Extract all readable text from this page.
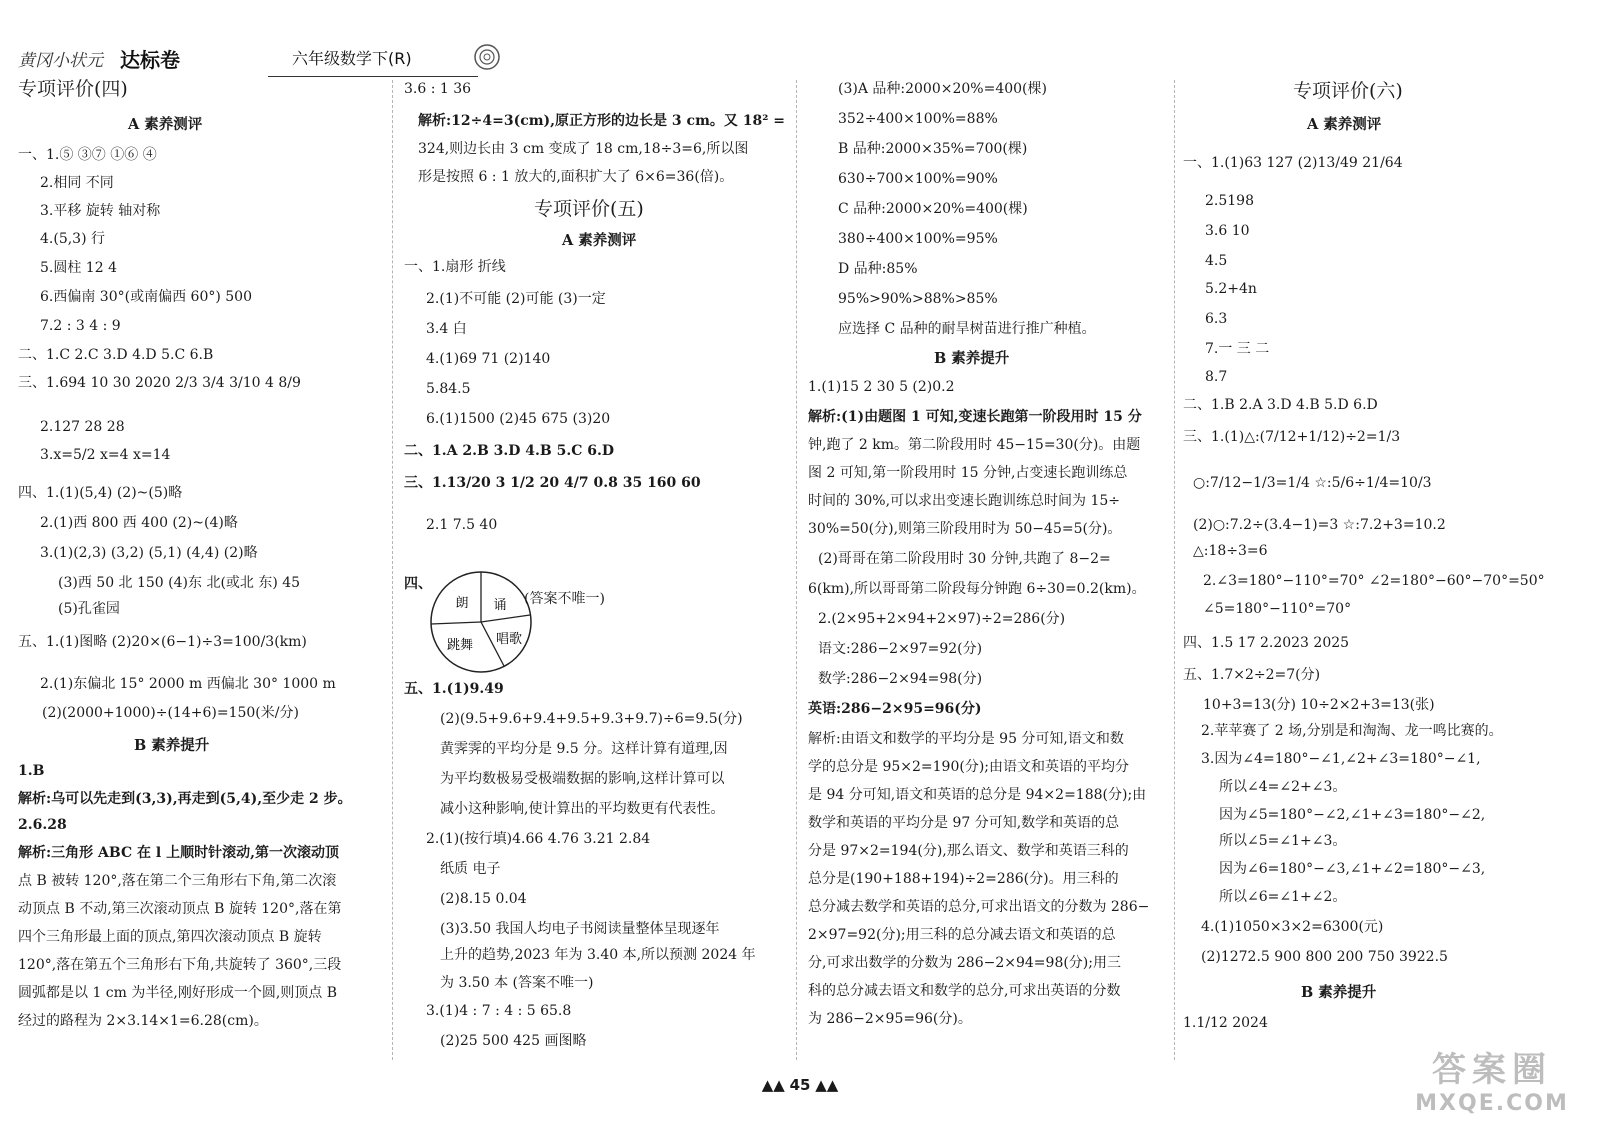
黄冈小状元 达标卷	六年级数学下(R)
专项评价(四)
A 素养测评
一、1.⑤ ③⑦ ①⑥ ④
2.相同 不同
3.平移 旋转 轴对称
4.(5,3) 行
5.圆柱 12 4
6.西偏南 30°(或南偏西 60°) 500
7.2 : 3 4 : 9
二、1.C 2.C 3.D 4.D 5.C 6.B
三、1.694 10 30 2020 2/3 3/4 3/10 4 8/9
2.127 28 28
3.x=5/2 x=4 x=14
四、1.(1)(5,4) (2)~(5)略
2.(1)西 800 西 400 (2)~(4)略
3.(1)(2,3) (3,2) (5,1) (4,4) (2)略
(3)西 50 北 150 (4)东 北(或北 东) 45
(5)孔雀园
五、1.(1)图略 (2)20×(6−1)÷3=100/3(km)
2.(1)东偏北 15° 2000 m 西偏北 30° 1000 m
(2)(2000+1000)÷(14+6)=150(米/分)
B 素养提升
1.B
解析:乌可以先走到(3,3),再走到(5,4),至少走 2 步。
2.6.28
解析:三角形 ABC 在 l 上顺时针滚动,第一次滚动顶
点 B 被转 120°,落在第二个三角形右下角,第二次滚
动顶点 B 不动,第三次滚动顶点 B 旋转 120°,落在第
四个三角形最上面的顶点,第四次滚动顶点 B 旋转
120°,落在第五个三角形右下角,共旋转了 360°,三段
圆弧都是以 1 cm 为半径,刚好形成一个圆,则顶点 B
经过的路程为 2×3.14×1=6.28(cm)。
朗 诵
跳舞 唱歌
3.6 : 1 36
解析:12÷4=3(cm),原正方形的边长是 3 cm。又 18² =
324,则边长由 3 cm 变成了 18 cm,18÷3=6,所以图
形是按照 6 : 1 放大的,面积扩大了 6×6=36(倍)。
专项评价(五)
A 素养测评
一、1.扇形 折线
2.(1)不可能 (2)可能 (3)一定
3.4 白
4.(1)69 71 (2)140
5.84.5
6.(1)1500 (2)45 675 (3)20
二、1.A 2.B 3.D 4.B 5.C 6.D
三、1.13/20 3 1/2 20 4/7 0.8 35 160 60
2.1 7.5 40
四、
(答案不唯一)
五、1.(1)9.49
(2)(9.5+9.6+9.4+9.5+9.3+9.7)÷6=9.5(分)
黄霁霁的平均分是 9.5 分。这样计算有道理,因
为平均数极易受极端数据的影响,这样计算可以
减小这种影响,使计算出的平均数更有代表性。
2.(1)(按行填)4.66 4.76 3.21 2.84
纸质 电子
(2)8.15 0.04
(3)3.50 我国人均电子书阅读量整体呈现逐年
上升的趋势,2023 年为 3.40 本,所以预测 2024 年
为 3.50 本 (答案不唯一)
3.(1)4 : 7 : 4 : 5 65.8
(2)25 500 425 画图略
(3)A 品种:2000×20%=400(棵)
352÷400×100%=88%
B 品种:2000×35%=700(棵)
630÷700×100%=90%
C 品种:2000×20%=400(棵)
380÷400×100%=95%
D 品种:85%
95%>90%>88%>85%
应选择 C 品种的耐旱树苗进行推广种植。
B 素养提升
1.(1)15 2 30 5 (2)0.2
解析:(1)由题图 1 可知,变速长跑第一阶段用时 15 分
钟,跑了 2 km。第二阶段用时 45−15=30(分)。由题
图 2 可知,第一阶段用时 15 分钟,占变速长跑训练总
时间的 30%,可以求出变速长跑训练总时间为 15÷
30%=50(分),则第三阶段用时为 50−45=5(分)。
(2)哥哥在第二阶段用时 30 分钟,共跑了 8−2=
6(km),所以哥哥第二阶段每分钟跑 6÷30=0.2(km)。
2.(2×95+2×94+2×97)÷2=286(分)
语文:286−2×97=92(分)
数学:286−2×94=98(分)
英语:286−2×95=96(分)
解析:由语文和数学的平均分是 95 分可知,语文和数
学的总分是 95×2=190(分);由语文和英语的平均分
是 94 分可知,语文和英语的总分是 94×2=188(分);由
数学和英语的平均分是 97 分可知,数学和英语的总
分是 97×2=194(分),那么语文、数学和英语三科的
总分是(190+188+194)÷2=286(分)。用三科的
总分减去数学和英语的总分,可求出语文的分数为 286−
2×97=92(分);用三科的总分减去语文和英语的总
分,可求出数学的分数为 286−2×94=98(分);用三
科的总分减去语文和数学的总分,可求出英语的分数
为 286−2×95=96(分)。
专项评价(六)
A 素养测评
一、1.(1)63 127 (2)13/49 21/64
2.5198
3.6 10
4.5
5.2+4n
6.3
7.一 三 二
8.7
二、1.B 2.A 3.D 4.B 5.D 6.D
三、1.(1)△:(7/12+1/12)÷2=1/3
○:7/12−1/3=1/4 ☆:5/6÷1/4=10/3
(2)○:7.2÷(3.4−1)=3 ☆:7.2+3=10.2
△:18÷3=6
2.∠3=180°−110°=70° ∠2=180°−60°−70°=50°
∠5=180°−110°=70°
四、1.5 17 2.2023 2025
五、1.7×2÷2=7(分)
10+3=13(分) 10÷2×2+3=13(张)
2.苹苹赛了 2 场,分别是和淘淘、龙一鸣比赛的。
3.因为∠4=180°−∠1,∠2+∠3=180°−∠1,
所以∠4=∠2+∠3。
因为∠5=180°−∠2,∠1+∠3=180°−∠2,
所以∠5=∠1+∠3。
因为∠6=180°−∠3,∠1+∠2=180°−∠3,
所以∠6=∠1+∠2。
4.(1)1050×3×2=6300(元)
(2)1272.5 900 800 200 750 3922.5
B 素养提升
1.1/12 2024
▲▲ 45 ▲▲	答案圈
MXQE.COM
